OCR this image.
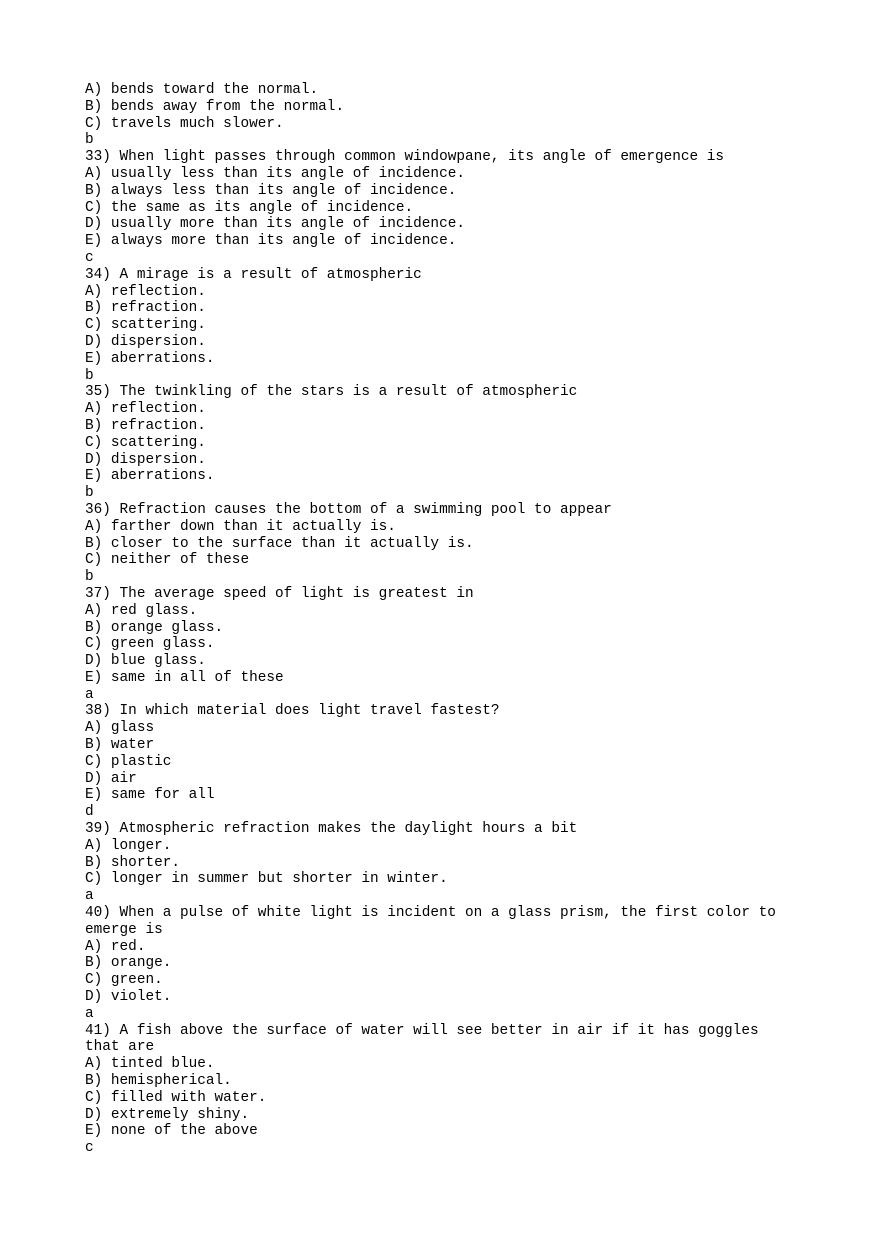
A) bends toward the normal.
B) bends away from the normal.
C) travels much slower.
b
33) When light passes through common windowpane, its angle of emergence is
A) usually less than its angle of incidence.
B) always less than its angle of incidence.
C) the same as its angle of incidence.
D) usually more than its angle of incidence.
E) always more than its angle of incidence.
c
34) A mirage is a result of atmospheric
A) reflection.
B) refraction.
C) scattering.
D) dispersion.
E) aberrations.
b
35) The twinkling of the stars is a result of atmospheric
A) reflection.
B) refraction.
C) scattering.
D) dispersion.
E) aberrations.
b
36) Refraction causes the bottom of a swimming pool to appear
A) farther down than it actually is.
B) closer to the surface than it actually is.
C) neither of these
b
37) The average speed of light is greatest in
A) red glass.
B) orange glass.
C) green glass.
D) blue glass.
E) same in all of these
a
38) In which material does light travel fastest?
A) glass
B) water
C) plastic
D) air
E) same for all
d
39) Atmospheric refraction makes the daylight hours a bit
A) longer.
B) shorter.
C) longer in summer but shorter in winter.
a
40) When a pulse of white light is incident on a glass prism, the first color to
emerge is
A) red.
B) orange.
C) green.
D) violet.
a
41) A fish above the surface of water will see better in air if it has goggles
that are
A) tinted blue.
B) hemispherical.
C) filled with water.
D) extremely shiny.
E) none of the above
c
